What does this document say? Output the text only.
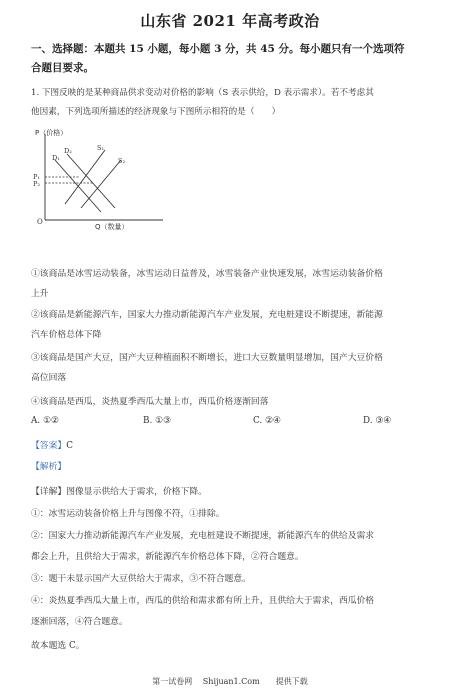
山东省 2021 年高考政治
一、选择题：本题共 15 小题，每小题 3 分，共 45 分。每小题只有一个选项符
合题目要求。
1. 下图反映的是某种商品供求变动对价格的影响（S 表示供给，D 表示需求）。若不考虑其
他因素，下列选项所描述的经济现象与下图所示相符的是（　　）
P（价格）
Q（数量）
O
P₁
P₂
D₁
D₂	S₁
S₂
①该商品是冰雪运动装备，冰雪运动日益普及，冰雪装备产业快速发展，冰雪运动装备价格
上升
②该商品是新能源汽车，国家大力推动新能源汽车产业发展，充电桩建设不断提速，新能源
汽车价格总体下降
③该商品是国产大豆，国产大豆种植面积不断增长，进口大豆数量明显增加，国产大豆价格
高位回落
④该商品是西瓜，炎热夏季西瓜大量上市，西瓜价格逐渐回落
A. ①②	B. ①③	C. ②④	D. ③④
【答案】C
【解析】
【详解】图像显示供给大于需求，价格下降。
①：冰雪运动装备价格上升与图像不符，①排除。
②：国家大力推动新能源汽车产业发展，充电桩建设不断提速，新能源汽车的供给及需求
都会上升，且供给大于需求，新能源汽车价格总体下降，②符合题意。
③：题干未显示国产大豆供给大于需求，③不符合题意。
④：炎热夏季西瓜大量上市，西瓜的供给和需求都有所上升，且供给大于需求，西瓜价格
逐渐回落，④符合题意。
故本题选 C。
第一试卷网　 Shijuan1.Com　　提供下载
